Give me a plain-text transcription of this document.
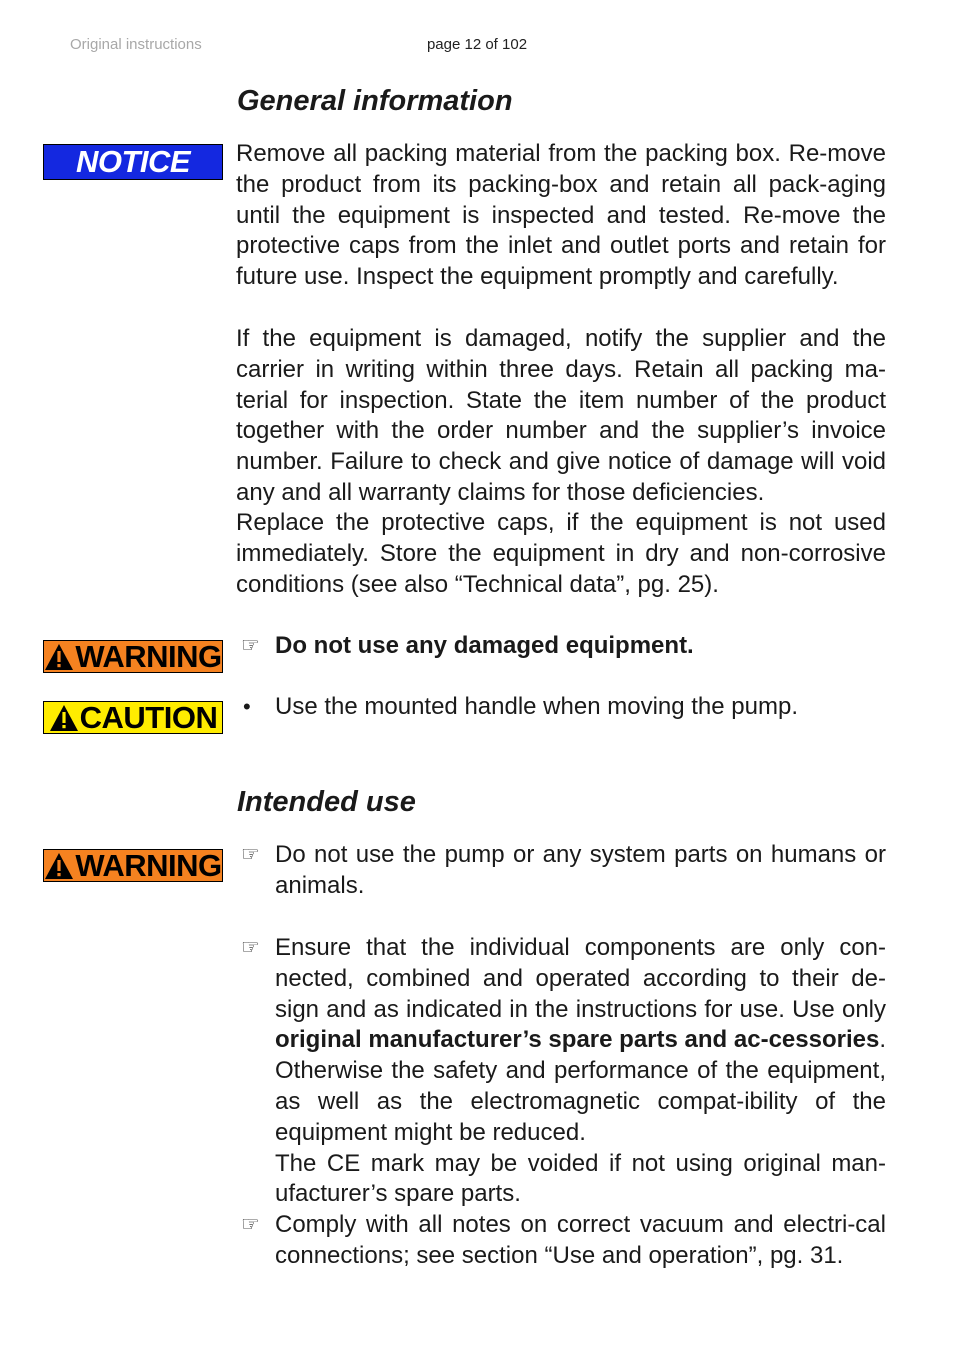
Original instructions	page 12 of 102
General information
NOTICE Remove all packing material from the packing box. Re-move the product from its packing-box and retain all pack-aging until the equipment is inspected and tested. Re-move the protective caps from the inlet and outlet ports and retain for future use. Inspect the equipment promptly and carefully.

If the equipment is damaged, notify the supplier and the carrier in writing within three days. Retain all packing ma-terial for inspection. State the item number of the product together with the order number and the supplier’s invoice number. Failure to check and give notice of damage will void any and all warranty claims for those deficiencies.

Replace the protective caps, if the equipment is not used immediately. Store the equipment in dry and non-corrosive conditions (see also “Technical data”, pg. 25).

WARNING ☞ Do not use any damaged equipment.
CAUTION •	Use the mounted handle when moving the pump.
Intended use
WARNING ☞ Do not use the pump or any system parts on humans or animals.
☞ Ensure that the individual components are only con-nected, combined and operated according to their de-sign and as indicated in the instructions for use. Use only original manufacturer’s spare parts and ac-cessories. Otherwise the safety and performance of the equipment, as well as the electromagnetic compat-ibility of the equipment might be reduced.

The CE mark may be voided if not using original man-ufacturer’s spare parts.

☞ Comply with all notes on correct vacuum and electri-cal connections; see section “Use and operation”, pg. 31.
